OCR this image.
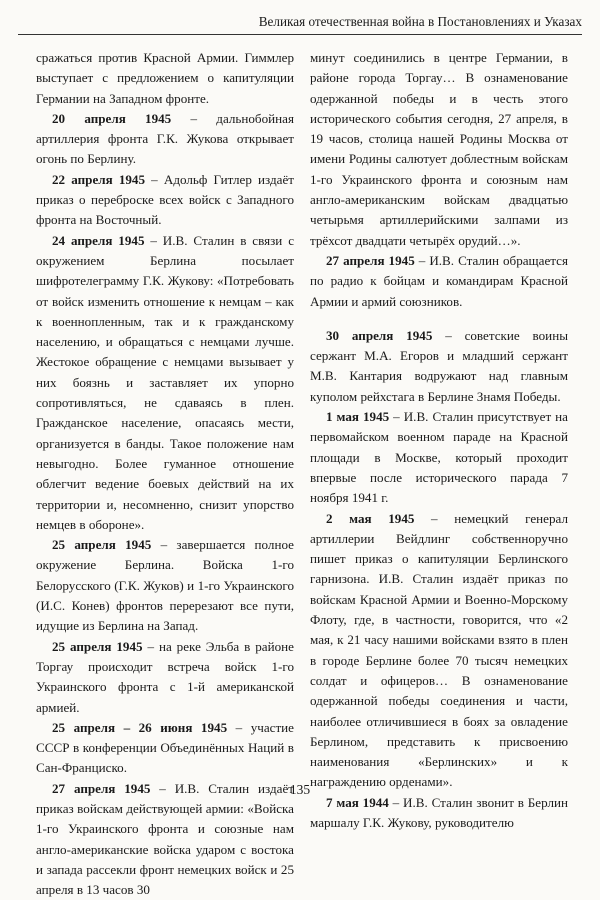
Великая отечественная война в Постановлениях и Указах

сражаться против Красной Армии. Гиммлер выступает с предложением о капитуляции Германии на Западном фронте.

20 апреля 1945 – дальнобойная артиллерия фронта Г.К. Жукова открывает огонь по Берлину.

22 апреля 1945 – Адольф Гитлер издаёт приказ о переброске всех войск с Западного фронта на Восточный.

24 апреля 1945 – И.В. Сталин в связи с окружением Берлина посылает шифротелеграмму Г.К. Жукову: «Потребовать от войск изменить отношение к немцам – как к военнопленным, так и к гражданскому населению, и обращаться с немцами лучше. Жестокое обращение с немцами вызывает у них боязнь и заставляет их упорно сопротивляться, не сдаваясь в плен. Гражданское население, опасаясь мести, организуется в банды. Такое положение нам невыгодно. Более гуманное отношение облегчит ведение боевых действий на их территории и, несомненно, снизит упорство немцев в обороне».

25 апреля 1945 – завершается полное окружение Берлина. Войска 1-го Белорусского (Г.К. Жуков) и 1-го Украинского (И.С. Конев) фронтов перерезают все пути, идущие из Берлина на Запад.

25 апреля 1945 – на реке Эльба в районе Торгау происходит встреча войск 1-го Украинского фронта с 1-й американской армией.

25 апреля – 26 июня 1945 – участие СССР в конференции Объединённых Наций в Сан-Франциско.

27 апреля 1945 – И.В. Сталин издаёт приказ войскам действующей армии: «Войска 1-го Украинского фронта и союзные нам англо-американские войска ударом с востока и запада рассекли фронт немецких войск и 25 апреля в 13 часов 30

минут соединились в центре Германии, в районе города Торгау… В ознаменование одержанной победы и в честь этого исторического события сегодня, 27 апреля, в 19 часов, столица нашей Родины Москва от имени Родины салютует доблестным войскам 1-го Украинского фронта и союзным нам англо-американским войскам двадцатью четырьмя артиллерийскими залпами из трёхсот двадцати четырёх орудий…».

27 апреля 1945 – И.В. Сталин обращается по радио к бойцам и командирам Красной Армии и армий союзников.

30 апреля 1945 – советские воины сержант М.А. Егоров и младший сержант М.В. Кантария водружают над главным куполом рейхстага в Берлине Знамя Победы.

1 мая 1945 – И.В. Сталин присутствует на первомайском военном параде на Красной площади в Москве, который проходит впервые после исторического парада 7 ноября 1941 г.

2 мая 1945 – немецкий генерал артиллерии Вейдлинг собственноручно пишет приказ о капитуляции Берлинского гарнизона. И.В. Сталин издаёт приказ по войскам Красной Армии и Военно-Морскому Флоту, где, в частности, говорится, что «2 мая, к 21 часу нашими войсками взято в плен в городе Берлине более 70 тысяч немецких солдат и офицеров… В ознаменование одержанной победы соединения и части, наиболее отличившиеся в боях за овладение Берлином, представить к присвоению наименования «Берлинских» и к награждению орденами».

7 мая 1944 – И.В. Сталин звонит в Берлин маршалу Г.К. Жукову, руководителю

135
